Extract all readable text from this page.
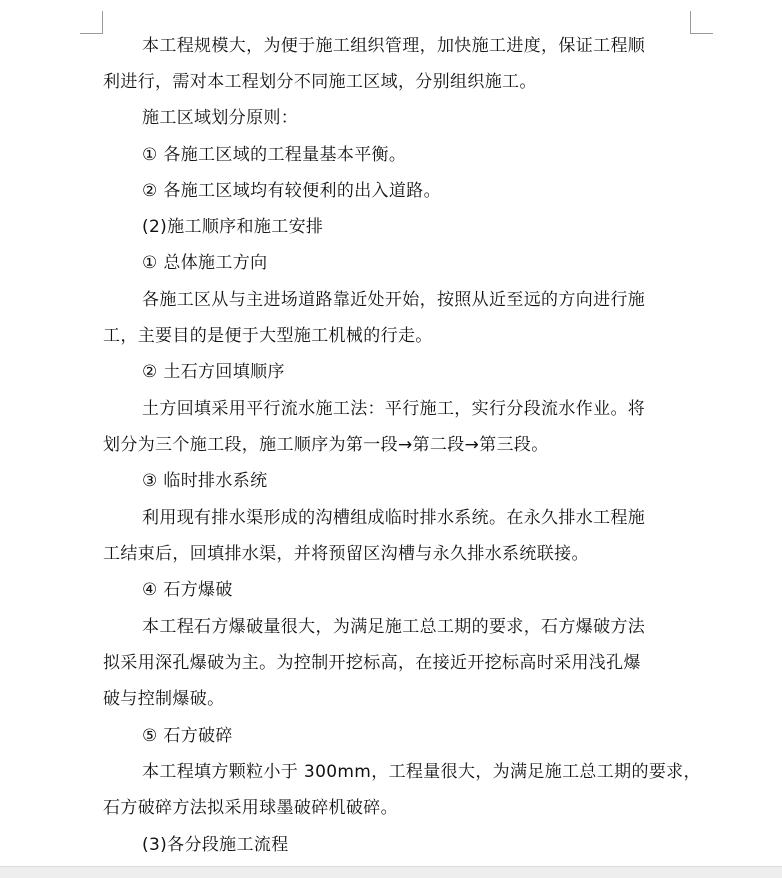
本工程规模大，为便于施工组织管理，加快施工进度，保证工程顺
利进行，需对本工程划分不同施工区域，分别组织施工。
施工区域划分原则：
① 各施工区域的工程量基本平衡。
② 各施工区域均有较便利的出入道路。
(2)施工顺序和施工安排
① 总体施工方向
各施工区从与主进场道路靠近处开始，按照从近至远的方向进行施
工，主要目的是便于大型施工机械的行走。
② 土石方回填顺序
土方回填采用平行流水施工法：平行施工，实行分段流水作业。将
划分为三个施工段，施工顺序为第一段→第二段→第三段。
③ 临时排水系统
利用现有排水渠形成的沟槽组成临时排水系统。在永久排水工程施
工结束后，回填排水渠，并将预留区沟槽与永久排水系统联接。
④ 石方爆破
本工程石方爆破量很大，为满足施工总工期的要求，石方爆破方法
拟采用深孔爆破为主。为控制开挖标高，在接近开挖标高时采用浅孔爆
破与控制爆破。
⑤ 石方破碎
本工程填方颗粒小于 300mm，工程量很大，为满足施工总工期的要求，
石方破碎方法拟采用球墨破碎机破碎。
(3)各分段施工流程
